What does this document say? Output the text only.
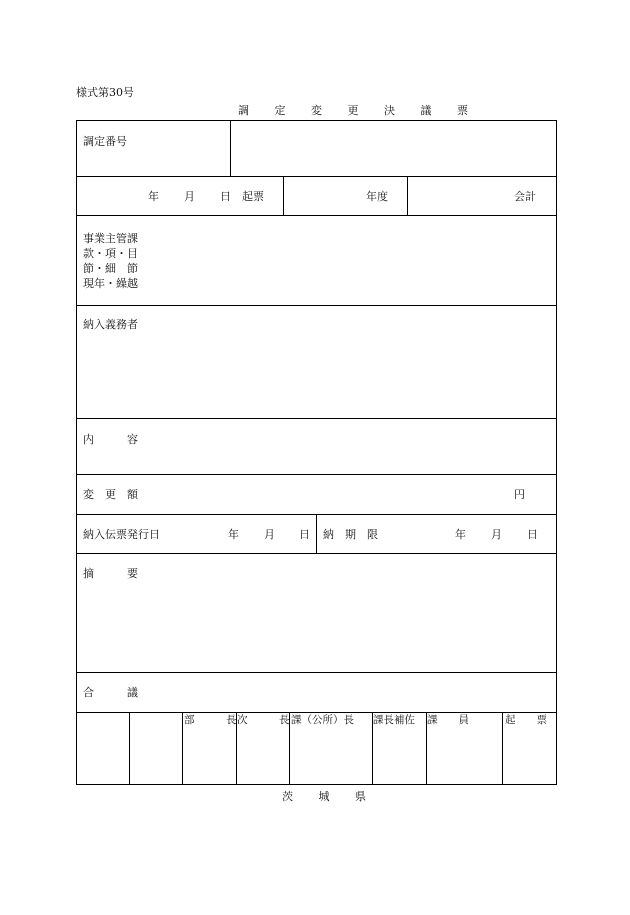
様式第30号
調 定 変 更 決 議 票
調定番号
年 月 日 起票	年度	会計
事業主管課
款・項・目
節・細　節
現年・繰越
納入義務者
内　　　容
変　更　額	円
納入伝票発行日	年 月 日 納　期　限	年 月 日
摘　　　要
合　　　議
部　　　長 次　　　長 課（公所）長 課長補佐 課　　員	起　　票
茨 城 県
